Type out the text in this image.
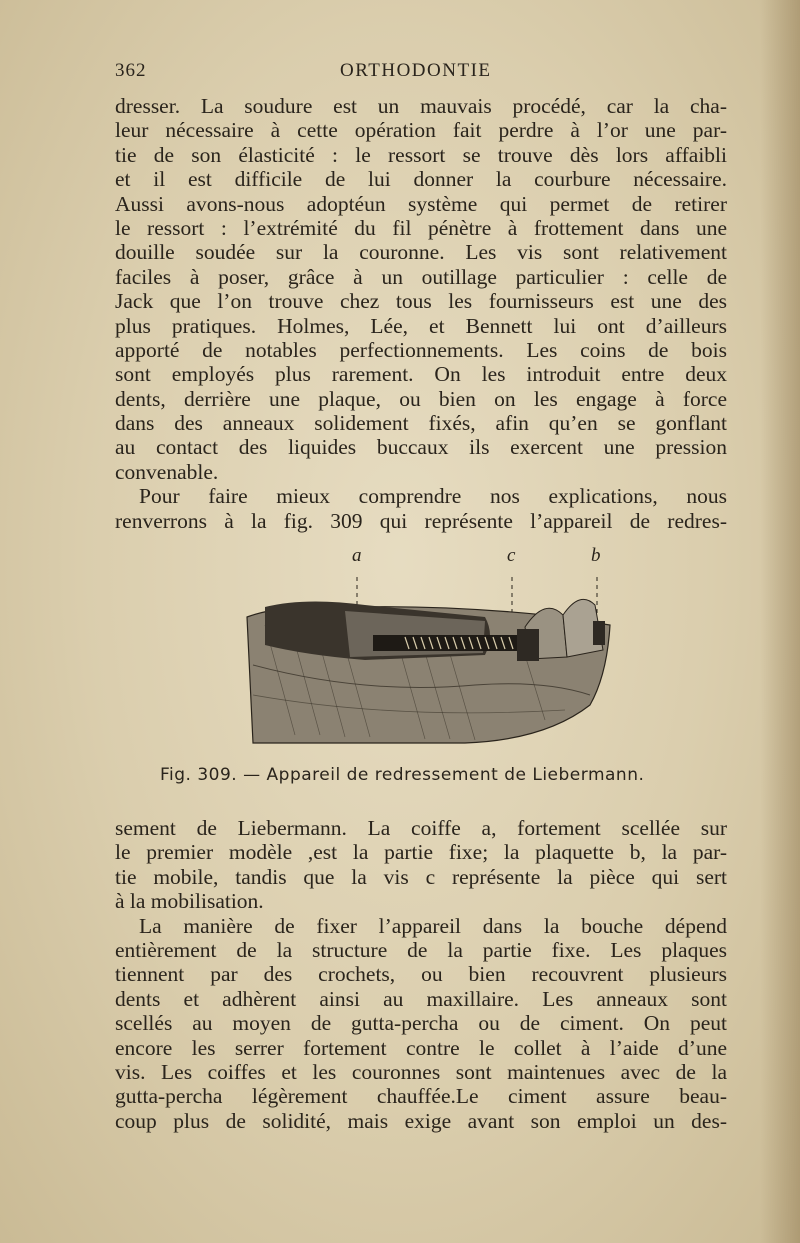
362	ORTHODONTIE
dresser. La soudure est un mauvais procédé, car la cha-
leur nécessaire à cette opération fait perdre à l’or une par-
tie de son élasticité : le ressort se trouve dès lors affaibli
et il est difficile de lui donner la courbure nécessaire.
Aussi avons-nous adoptéun système qui permet de retirer
le ressort : l’extrémité du fil pénètre à frottement dans une
douille soudée sur la couronne. Les vis sont relativement
faciles à poser, grâce à un outillage particulier : celle de
Jack que l’on trouve chez tous les fournisseurs est une des
plus pratiques. Holmes, Lée, et Bennett lui ont d’ailleurs
apporté de notables perfectionnements. Les coins de bois
sont employés plus rarement. On les introduit entre deux
dents, derrière une plaque, ou bien on les engage à force
dans des anneaux solidement fixés, afin qu’en se gonflant
au contact des liquides buccaux ils exercent une pression
convenable.
Pour faire mieux comprendre nos explications, nous
renverrons à la fig. 309 qui représente l’appareil de redres-
a	c	b
Fig. 309. — Appareil de redressement de Liebermann.
sement de Liebermann. La coiffe a, fortement scellée sur
le premier modèle ,est la partie fixe; la plaquette b, la par-
tie mobile, tandis que la vis c représente la pièce qui sert
à la mobilisation.
La manière de fixer l’appareil dans la bouche dépend
entièrement de la structure de la partie fixe. Les plaques
tiennent par des crochets, ou bien recouvrent plusieurs
dents et adhèrent ainsi au maxillaire. Les anneaux sont
scellés au moyen de gutta-percha ou de ciment. On peut
encore les serrer fortement contre le collet à l’aide d’une
vis. Les coiffes et les couronnes sont maintenues avec de la
gutta-percha légèrement chauffée.Le ciment assure beau-
coup plus de solidité, mais exige avant son emploi un des-
